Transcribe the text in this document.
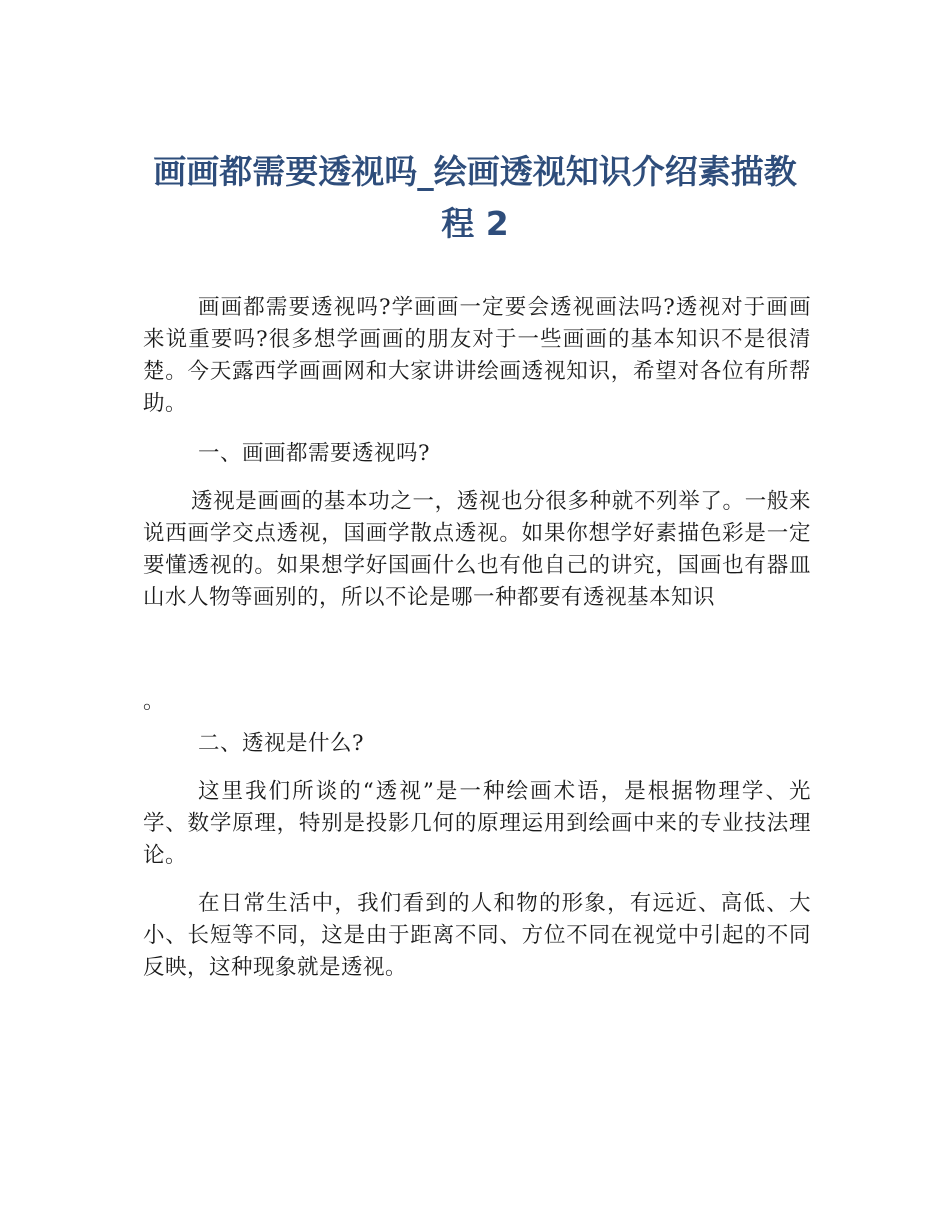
画画都需要透视吗_绘画透视知识介绍素描教程 2

画画都需要透视吗?学画画一定要会透视画法吗?透视对于画画来说重要吗?很多想学画画的朋友对于一些画画的基本知识不是很清楚。今天露西学画画网和大家讲讲绘画透视知识，希望对各位有所帮助。

一、画画都需要透视吗?

透视是画画的基本功之一，透视也分很多种就不列举了。一般来说西画学交点透视，国画学散点透视。如果你想学好素描色彩是一定要懂透视的。如果想学好国画什么也有他自己的讲究，国画也有器皿山水人物等画别的，所以不论是哪一种都要有透视基本知识

。

二、透视是什么?

这里我们所谈的“透视”是一种绘画术语，是根据物理学、光学、数学原理，特别是投影几何的原理运用到绘画中来的专业技法理论。

在日常生活中，我们看到的人和物的形象，有远近、高低、大小、长短等不同，这是由于距离不同、方位不同在视觉中引起的不同反映，这种现象就是透视。
